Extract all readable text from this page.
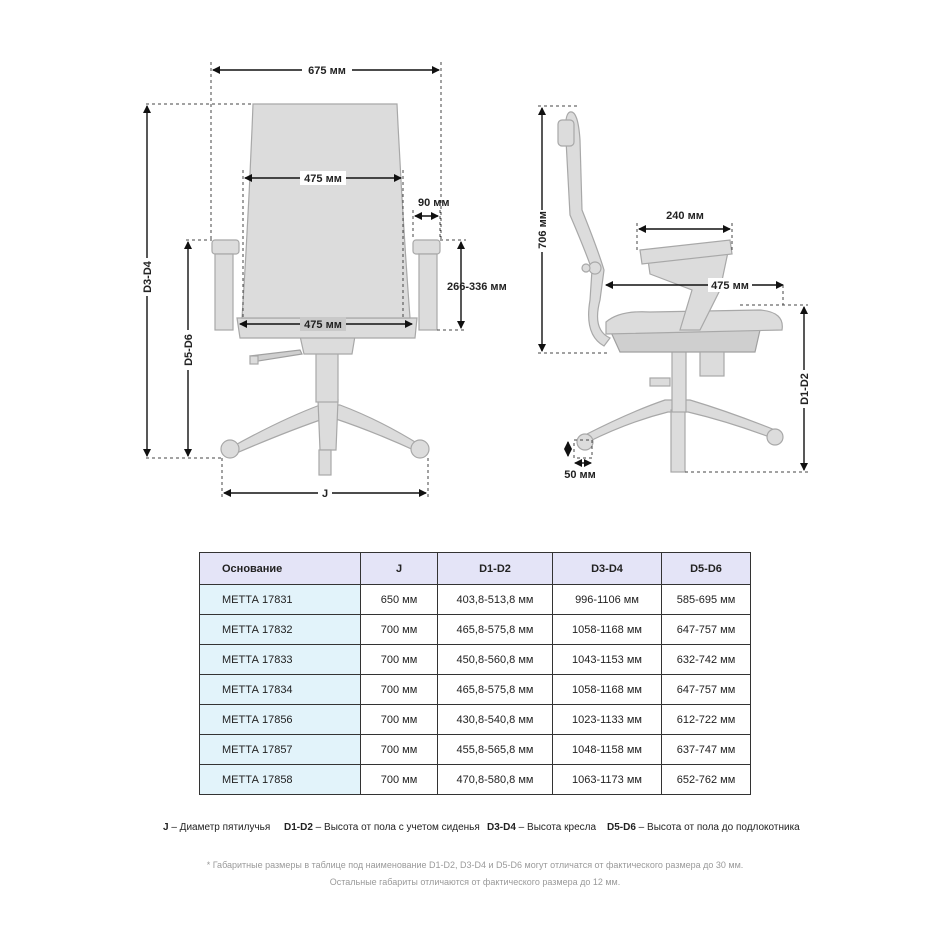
675 мм
475 мм
475 мм
90 мм
266-336 мм
D3-D4
D5-D6
J
706 мм	240 мм
475 мм
D1-D2
50 мм
Основание	J	D1-D2	D3-D4	D5-D6
МЕТТА 17831	650 мм	403,8-513,8 мм	996-1106 мм	585-695 мм
МЕТТА 17832	700 мм	465,8-575,8 мм	1058-1168 мм	647-757 мм
МЕТТА 17833	700 мм	450,8-560,8 мм	1043-1153 мм	632-742 мм
МЕТТА 17834	700 мм	465,8-575,8 мм	1058-1168 мм	647-757 мм
МЕТТА 17856	700 мм	430,8-540,8 мм	1023-1133 мм	612-722 мм
МЕТТА 17857	700 мм	455,8-565,8 мм	1048-1158 мм	637-747 мм
МЕТТА 17858	700 мм	470,8-580,8 мм	1063-1173 мм	652-762 мм
J – Диаметр пятилучья D1-D2 – Высота от пола с учетом сиденья D3-D4 – Высота кресла D5-D6 – Высота от пола до подлокотника
* Габаритные размеры в таблице под наименование D1-D2, D3-D4 и D5-D6 могут отличатся от фактического размера до 30 мм.
Остальные габариты отличаются от фактического размера до 12 мм.
